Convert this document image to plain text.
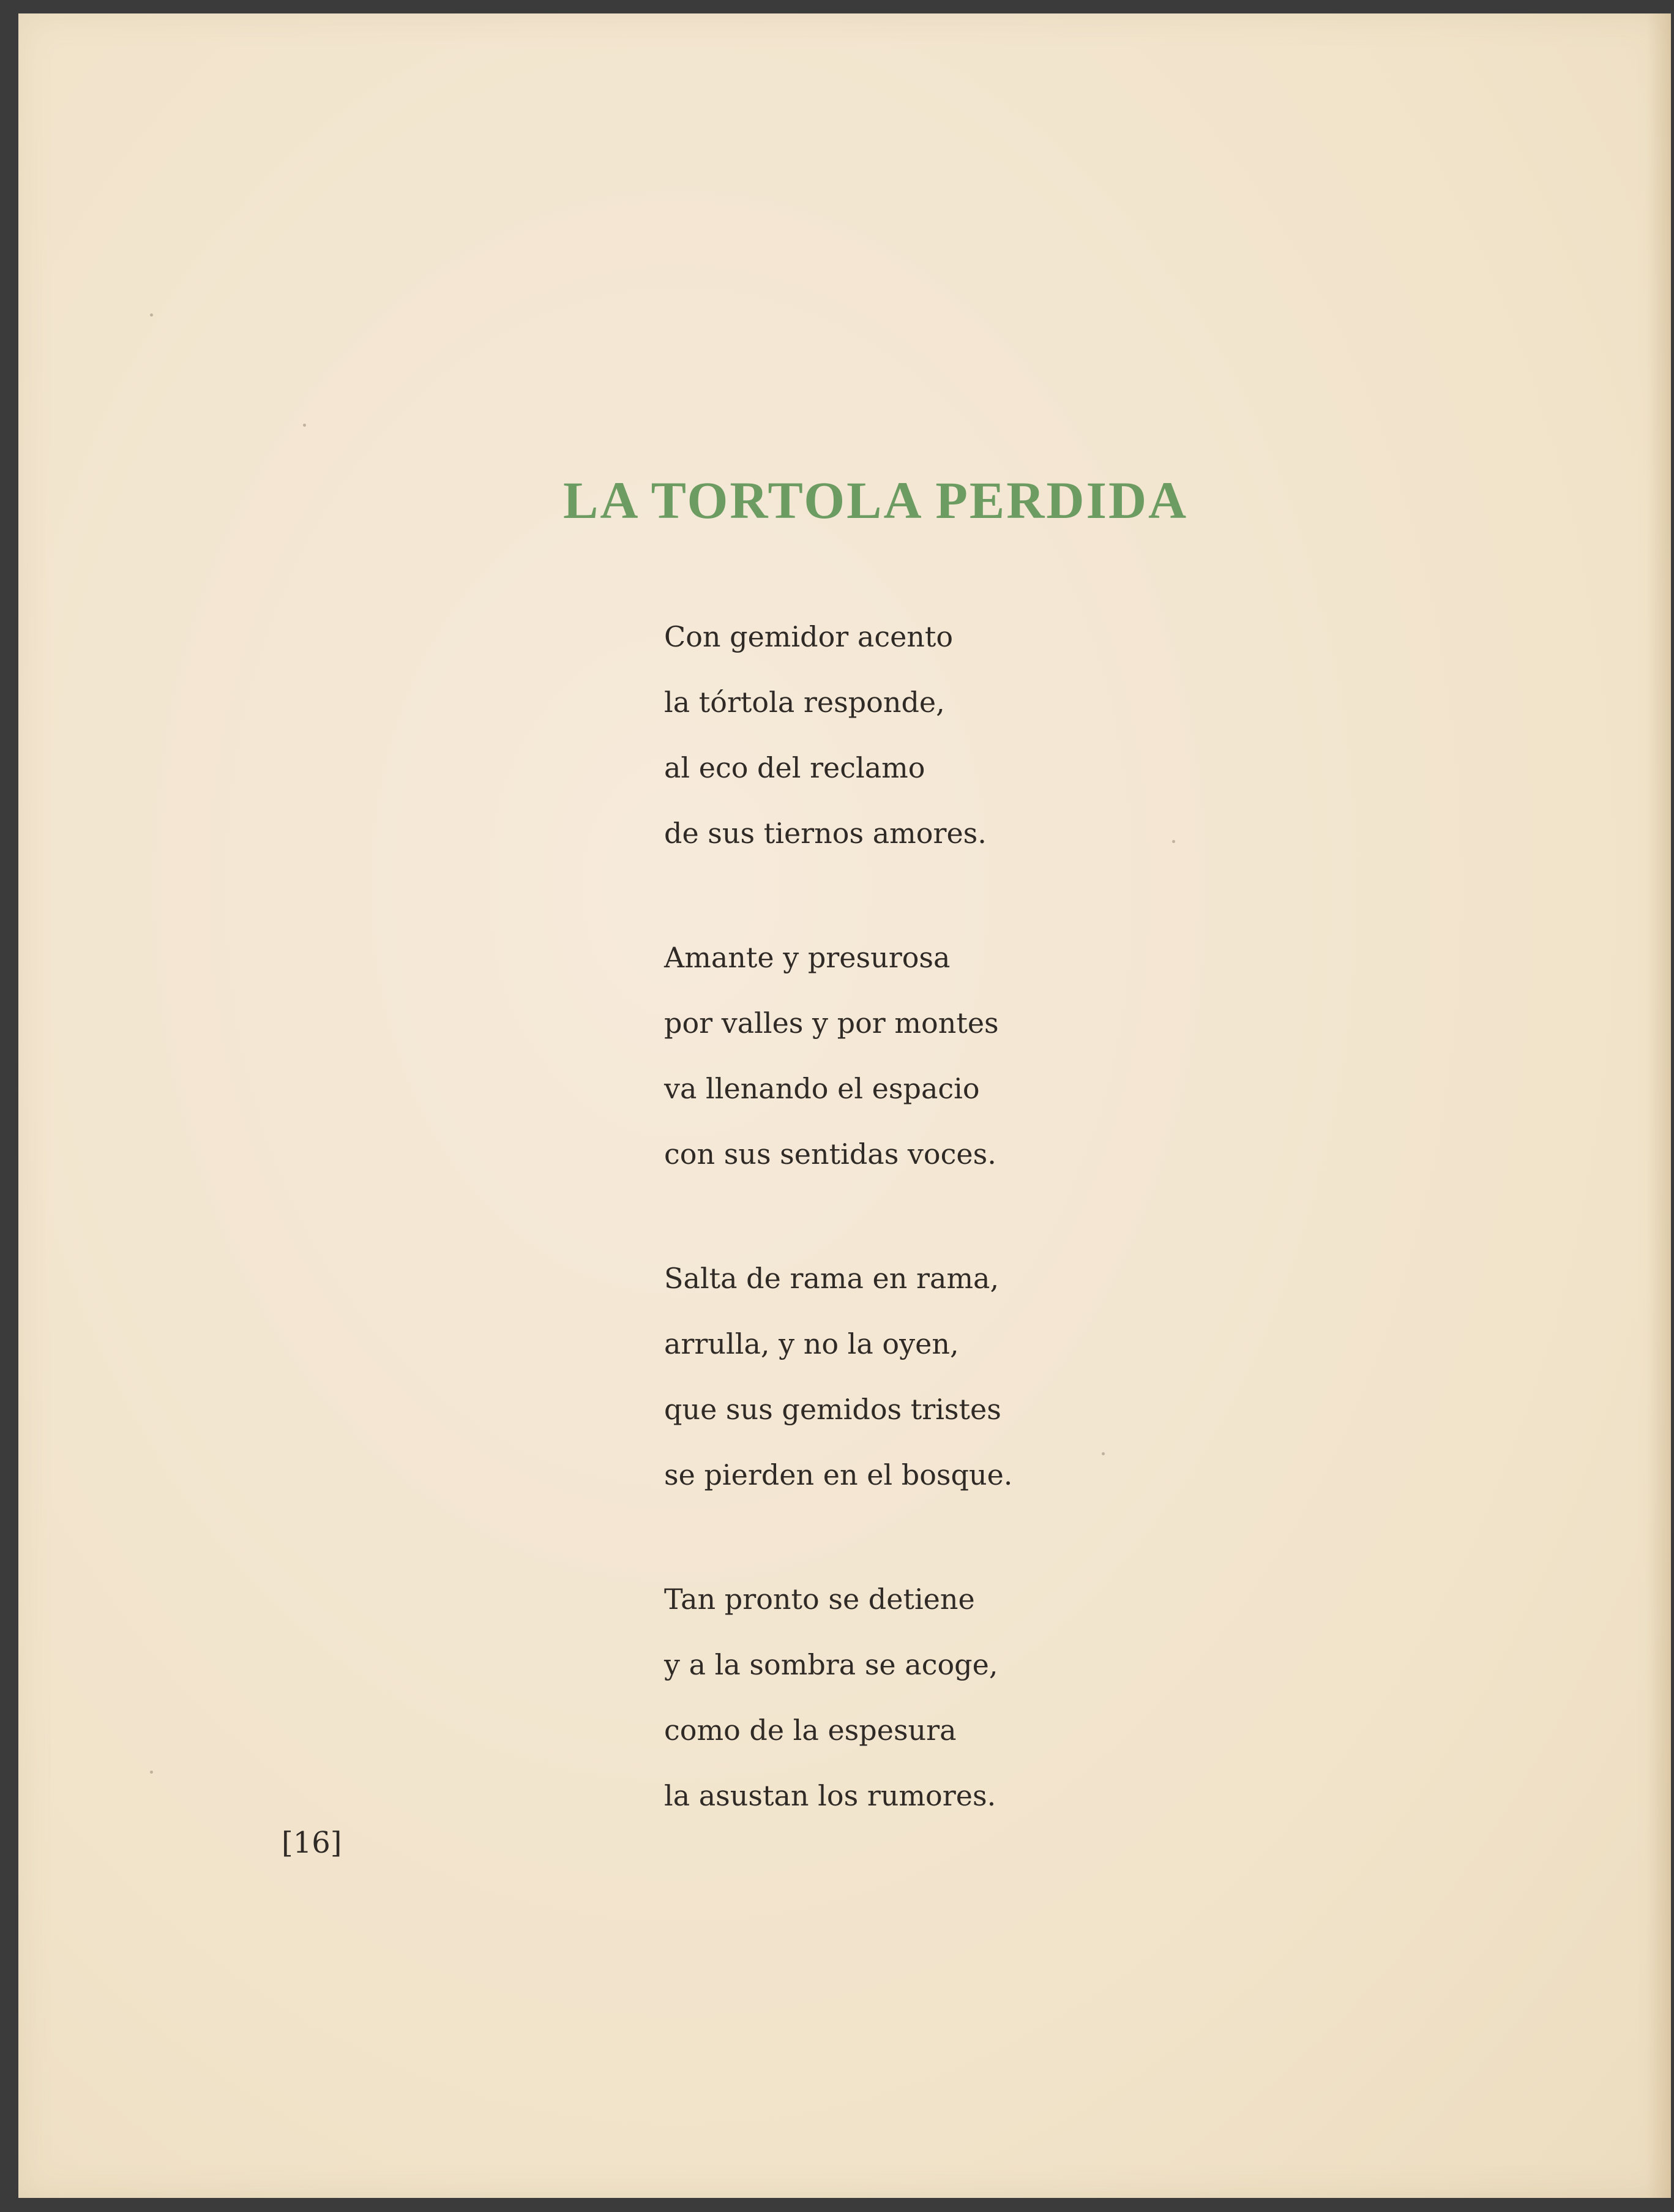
LA TORTOLA PERDIDA
Con gemidor acento
la tórtola responde,
al eco del reclamo
de sus tiernos amores.
Amante y presurosa
por valles y por montes
va llenando el espacio
con sus sentidas voces.
Salta de rama en rama,
arrulla, y no la oyen,
que sus gemidos tristes
se pierden en el bosque.
Tan pronto se detiene
y a la sombra se acoge,
como de la espesura
la asustan los rumores.
[16]
